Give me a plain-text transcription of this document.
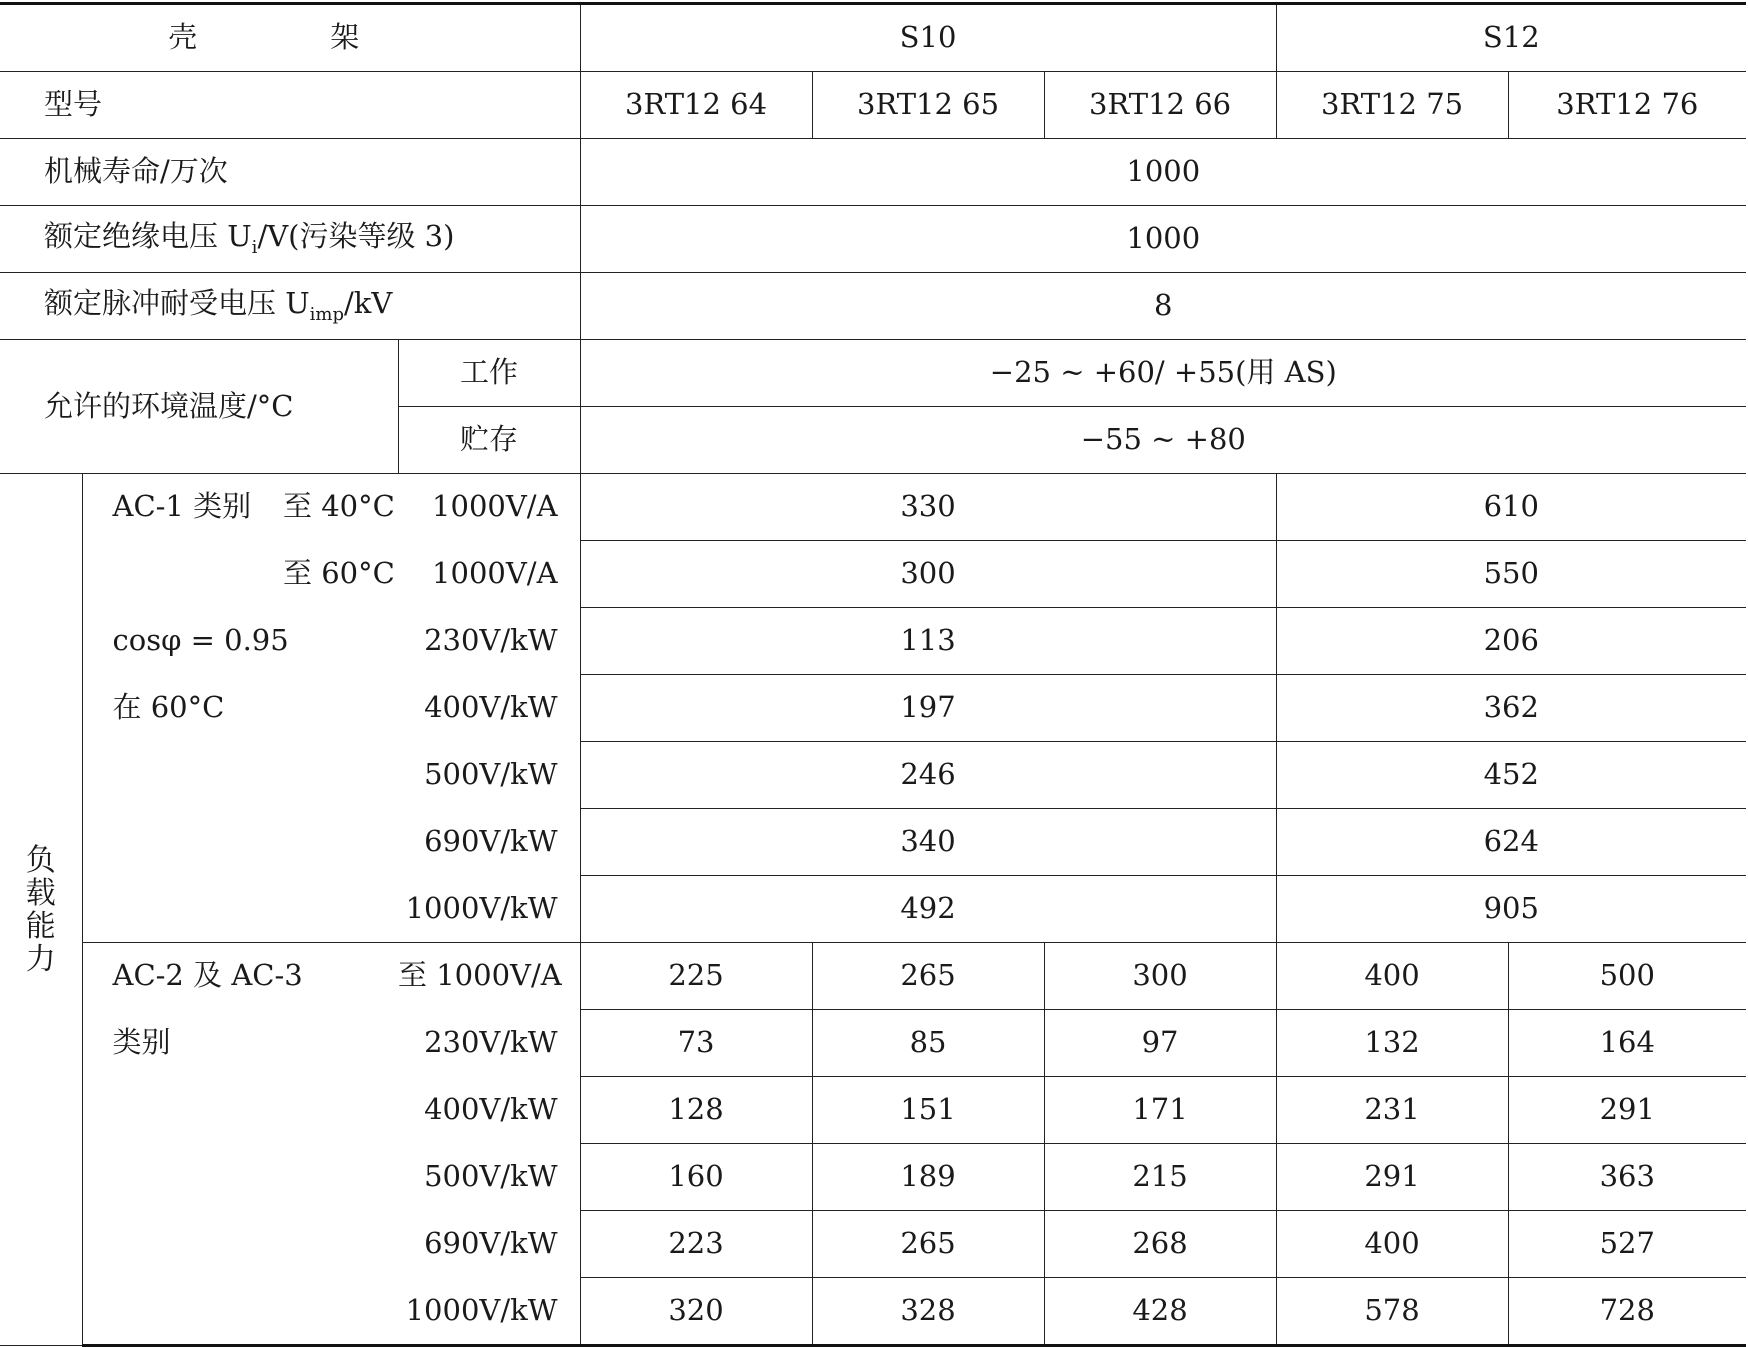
壳　架				S10			S12	
型号				3RT12 64	3RT12 65	3RT12 66	3RT12 75	3RT12 76
机械寿命/万次				1000				
额定绝缘电压 $U_i/V$(污染等级 3)				1000				
额定脉冲耐受电压 $U_{imp}/kV$				8				
允许的环境温度/°C			工作	−25 ~ +60/ +55(用 AS)				
			贮存	−55 ~ +80				
负载能力	AC-1 类别	至 40°C	1000V/A	330			610	
		至 60°C	1000V/A	300			550	
	cosφ = 0.95		230V/kW	113			206	
	在 60°C		400V/kW	197			362	
			500V/kW	246			452	
			690V/kW	340			624	
			1000V/kW	492			905	
	AC-2 及 AC-3		至 1000V/A	225	265	300	400	500
	类别		230V/kW	73	85	97	132	164
			400V/kW	128	151	171	231	291
			500V/kW	160	189	215	291	363
			690V/kW	223	265	268	400	527
			1000V/kW	320	328	428	578	728
